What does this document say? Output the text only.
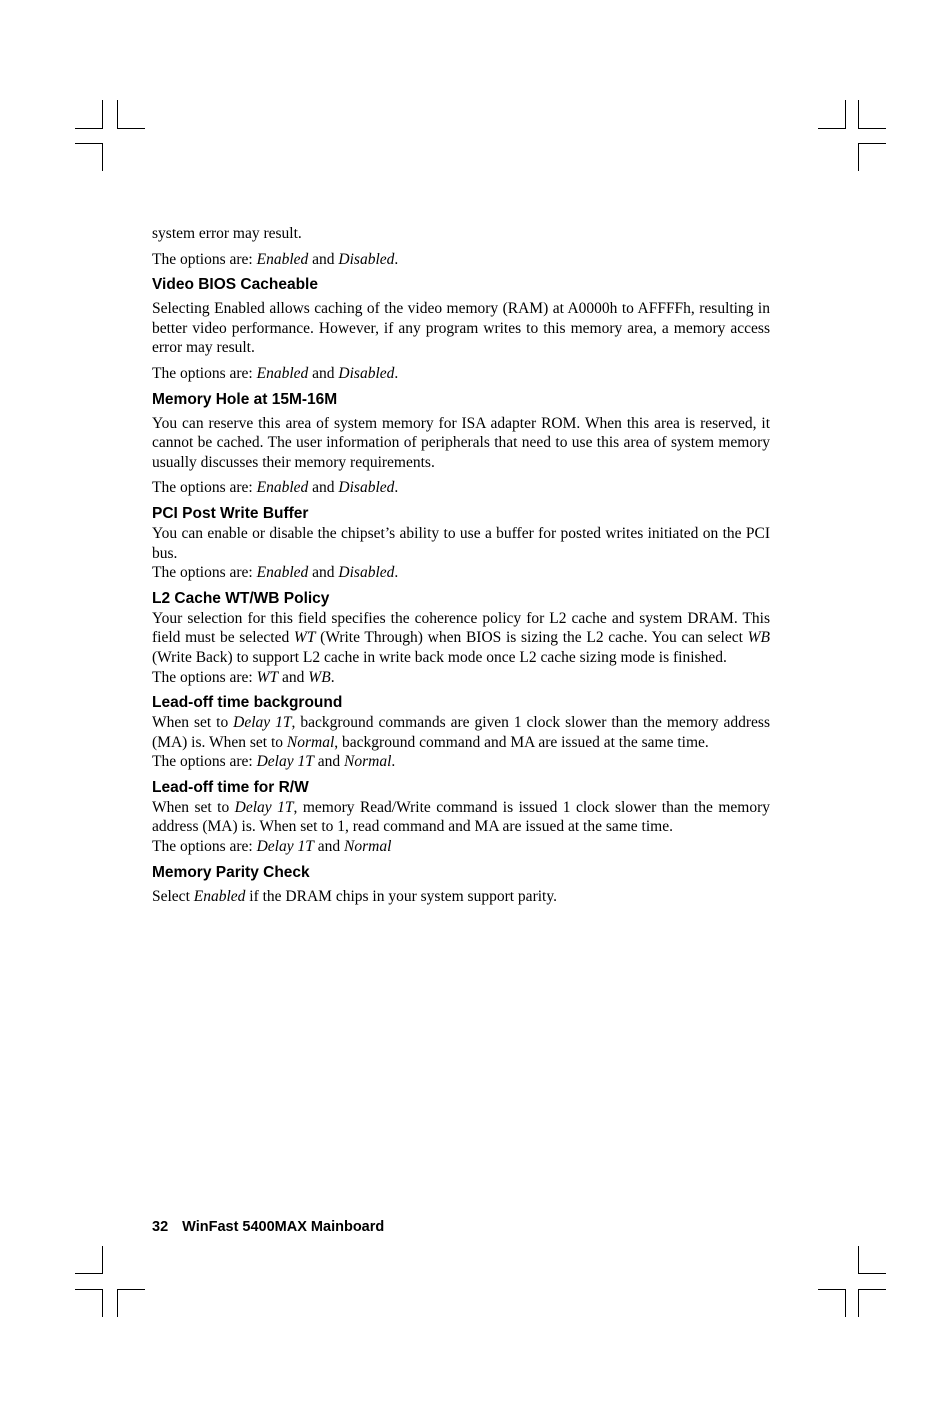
system error may result.

The options are: Enabled and Disabled.

Video BIOS Cacheable

Selecting Enabled allows caching of the video memory (RAM) at A0000h to AFFFFh, resulting in better video performance. However, if any program writes to this memory area, a memory access error may result.

The options are: Enabled and Disabled.

Memory Hole at 15M-16M

You can reserve this area of system memory for ISA adapter ROM. When this area is reserved, it cannot be cached. The user information of peripherals that need to use this area of system memory usually discusses their memory requirements.

The options are: Enabled and Disabled.

PCI Post Write Buffer

You can enable or disable the chipset’s ability to use a buffer for posted writes initiated on the PCI bus.

The options are: Enabled and Disabled.

L2 Cache WT/WB Policy

Your selection for this field specifies the coherence policy for L2 cache and system DRAM. This field must be selected WT (Write Through) when BIOS is sizing the L2 cache. You can select WB (Write Back) to support L2 cache in write back mode once L2 cache sizing mode is finished.

The options are: WT and WB.

Lead-off time background

When set to Delay 1T, background commands are given 1 clock slower than the memory address (MA) is. When set to Normal, background command and MA are issued at the same time.

The options are: Delay 1T and Normal.

Lead-off time for R/W

When set to Delay 1T, memory Read/Write command is issued 1 clock slower than the memory address (MA) is. When set to 1, read command and MA are issued at the same time.

The options are: Delay 1T and Normal

Memory Parity Check

Select Enabled if the DRAM chips in your system support parity.

32 WinFast 5400MAX Mainboard
